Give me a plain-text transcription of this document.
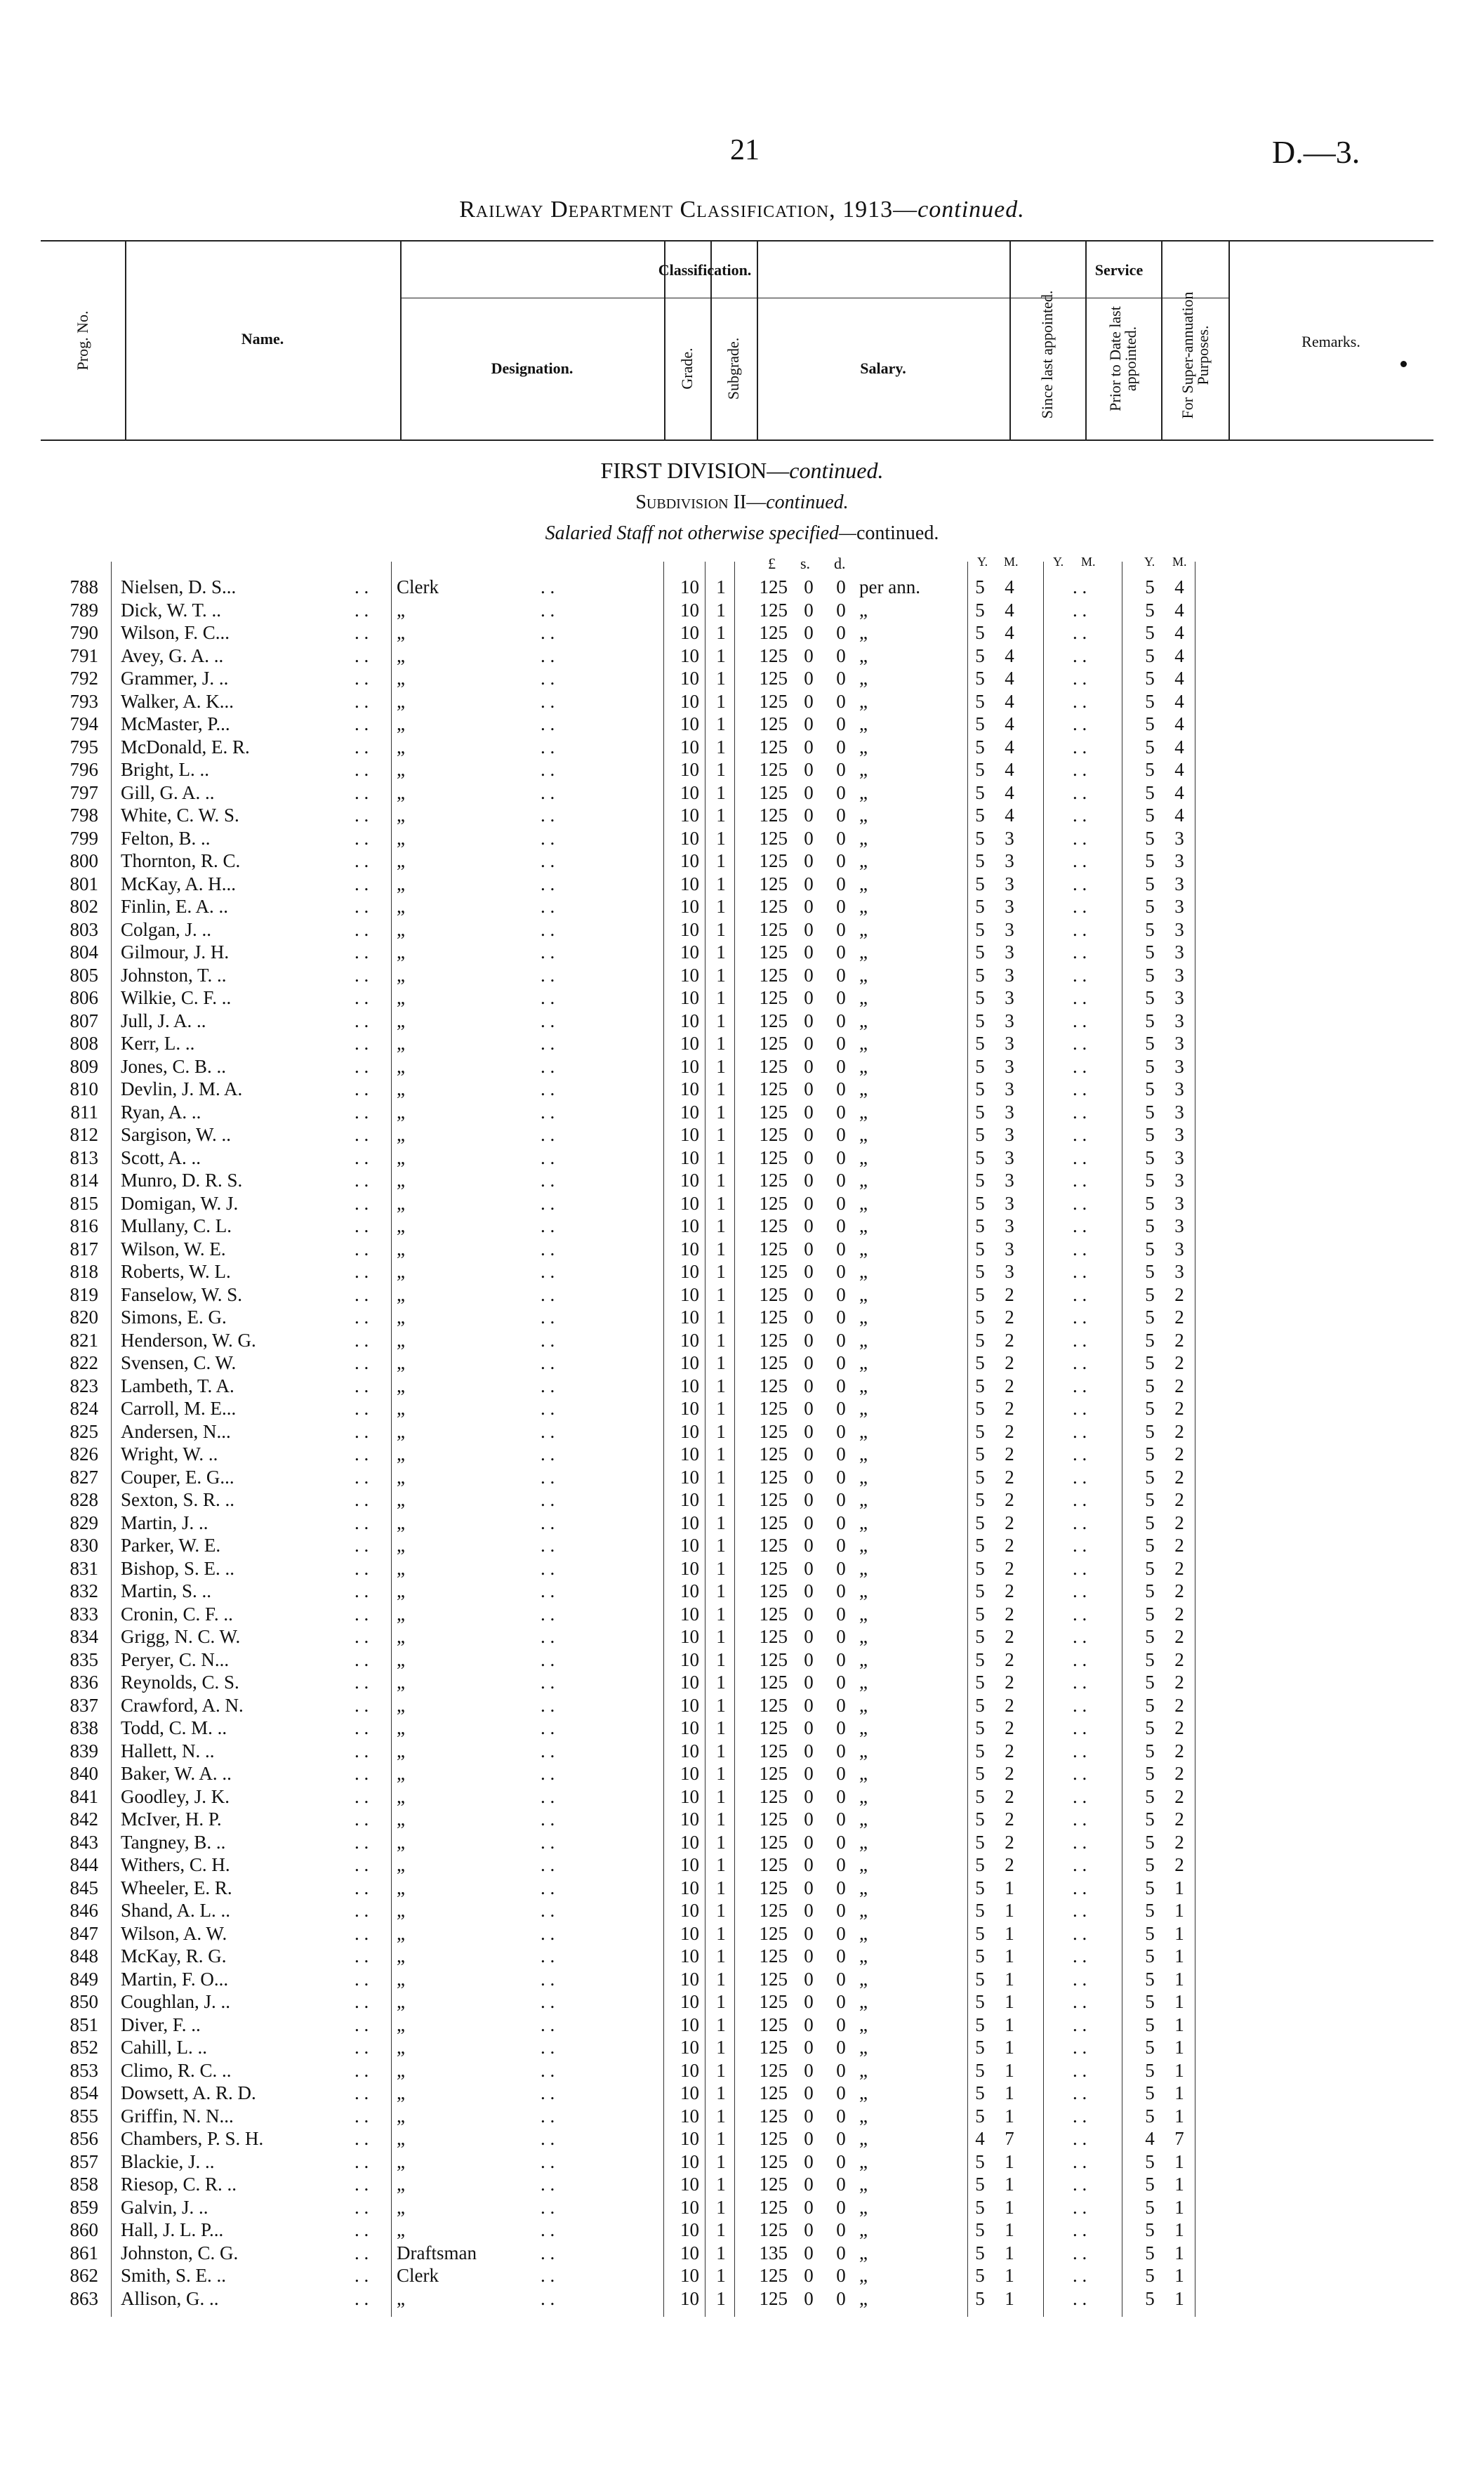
21	D.—3.
Railway Department Classification, 1913—continued.
Prog. No.	Name.
Classification.
Designation.	Grade. Subgrade.	Salary.
Service
Since last appointed.	Prior to Date last appointed.	For Super-annuation Purposes.	Remarks.
FIRST DIVISION—continued.
Subdivision II—continued.
Salaried Staff not otherwise specified—continued.
£ s. d.	Y. M.	Y. M.	Y. M.
788 Nielsen, D. S...	. . Clerk	. .	10 1	125 0 0 per ann.	5 4	. .	5 4
789 Dick, W. T. ..	. . „	. .	10 1	125 0 0 „	5 4	. .	5 4
790 Wilson, F. C...	. . „	. .	10 1	125 0 0 „	5 4	. .	5 4
791 Avey, G. A. ..	. . „	. .	10 1	125 0 0 „	5 4	. .	5 4
792 Grammer, J. ..	. . „	. .	10 1	125 0 0 „	5 4	. .	5 4
793 Walker, A. K...	. . „	. .	10 1	125 0 0 „	5 4	. .	5 4
794 McMaster, P...	. . „	. .	10 1	125 0 0 „	5 4	. .	5 4
795 McDonald, E. R.	. . „	. .	10 1	125 0 0 „	5 4	. .	5 4
796 Bright, L. ..	. . „	. .	10 1	125 0 0 „	5 4	. .	5 4
797 Gill, G. A. ..	. . „	. .	10 1	125 0 0 „	5 4	. .	5 4
798 White, C. W. S.	. . „	. .	10 1	125 0 0 „	5 4	. .	5 4
799 Felton, B. ..	. . „	. .	10 1	125 0 0 „	5 3	. .	5 3
800 Thornton, R. C.	. . „	. .	10 1	125 0 0 „	5 3	. .	5 3
801 McKay, A. H...	. . „	. .	10 1	125 0 0 „	5 3	. .	5 3
802 Finlin, E. A. ..	. . „	. .	10 1	125 0 0 „	5 3	. .	5 3
803 Colgan, J. ..	. . „	. .	10 1	125 0 0 „	5 3	. .	5 3
804 Gilmour, J. H.	. . „	. .	10 1	125 0 0 „	5 3	. .	5 3
805 Johnston, T. ..	. . „	. .	10 1	125 0 0 „	5 3	. .	5 3
806 Wilkie, C. F. ..	. . „	. .	10 1	125 0 0 „	5 3	. .	5 3
807 Jull, J. A. ..	. . „	. .	10 1	125 0 0 „	5 3	. .	5 3
808 Kerr, L. ..	. . „	. .	10 1	125 0 0 „	5 3	. .	5 3
809 Jones, C. B. ..	. . „	. .	10 1	125 0 0 „	5 3	. .	5 3
810 Devlin, J. M. A.	. . „	. .	10 1	125 0 0 „	5 3	. .	5 3
811 Ryan, A. ..	. . „	. .	10 1	125 0 0 „	5 3	. .	5 3
812 Sargison, W. ..	. . „	. .	10 1	125 0 0 „	5 3	. .	5 3
813 Scott, A. ..	. . „	. .	10 1	125 0 0 „	5 3	. .	5 3
814 Munro, D. R. S.	. . „	. .	10 1	125 0 0 „	5 3	. .	5 3
815 Domigan, W. J.	. . „	. .	10 1	125 0 0 „	5 3	. .	5 3
816 Mullany, C. L.	. . „	. .	10 1	125 0 0 „	5 3	. .	5 3
817 Wilson, W. E.	. . „	. .	10 1	125 0 0 „	5 3	. .	5 3
818 Roberts, W. L.	. . „	. .	10 1	125 0 0 „	5 3	. .	5 3
819 Fanselow, W. S.	. . „	. .	10 1	125 0 0 „	5 2	. .	5 2
820 Simons, E. G.	. . „	. .	10 1	125 0 0 „	5 2	. .	5 2
821 Henderson, W. G.	. . „	. .	10 1	125 0 0 „	5 2	. .	5 2
822 Svensen, C. W.	. . „	. .	10 1	125 0 0 „	5 2	. .	5 2
823 Lambeth, T. A.	. . „	. .	10 1	125 0 0 „	5 2	. .	5 2
824 Carroll, M. E...	. . „	. .	10 1	125 0 0 „	5 2	. .	5 2
825 Andersen, N...	. . „	. .	10 1	125 0 0 „	5 2	. .	5 2
826 Wright, W. ..	. . „	. .	10 1	125 0 0 „	5 2	. .	5 2
827 Couper, E. G...	. . „	. .	10 1	125 0 0 „	5 2	. .	5 2
828 Sexton, S. R. ..	. . „	. .	10 1	125 0 0 „	5 2	. .	5 2
829 Martin, J. ..	. . „	. .	10 1	125 0 0 „	5 2	. .	5 2
830 Parker, W. E.	. . „	. .	10 1	125 0 0 „	5 2	. .	5 2
831 Bishop, S. E. ..	. . „	. .	10 1	125 0 0 „	5 2	. .	5 2
832 Martin, S. ..	. . „	. .	10 1	125 0 0 „	5 2	. .	5 2
833 Cronin, C. F. ..	. . „	. .	10 1	125 0 0 „	5 2	. .	5 2
834 Grigg, N. C. W.	. . „	. .	10 1	125 0 0 „	5 2	. .	5 2
835 Peryer, C. N...	. . „	. .	10 1	125 0 0 „	5 2	. .	5 2
836 Reynolds, C. S.	. . „	. .	10 1	125 0 0 „	5 2	. .	5 2
837 Crawford, A. N.	. . „	. .	10 1	125 0 0 „	5 2	. .	5 2
838 Todd, C. M. ..	. . „	. .	10 1	125 0 0 „	5 2	. .	5 2
839 Hallett, N. ..	. . „	. .	10 1	125 0 0 „	5 2	. .	5 2
840 Baker, W. A. ..	. . „	. .	10 1	125 0 0 „	5 2	. .	5 2
841 Goodley, J. K.	. . „	. .	10 1	125 0 0 „	5 2	. .	5 2
842 McIver, H. P.	. . „	. .	10 1	125 0 0 „	5 2	. .	5 2
843 Tangney, B. ..	. . „	. .	10 1	125 0 0 „	5 2	. .	5 2
844 Withers, C. H.	. . „	. .	10 1	125 0 0 „	5 2	. .	5 2
845 Wheeler, E. R.	. . „	. .	10 1	125 0 0 „	5 1	. .	5 1
846 Shand, A. L. ..	. . „	. .	10 1	125 0 0 „	5 1	. .	5 1
847 Wilson, A. W.	. . „	. .	10 1	125 0 0 „	5 1	. .	5 1
848 McKay, R. G.	. . „	. .	10 1	125 0 0 „	5 1	. .	5 1
849 Martin, F. O...	. . „	. .	10 1	125 0 0 „	5 1	. .	5 1
850 Coughlan, J. ..	. . „	. .	10 1	125 0 0 „	5 1	. .	5 1
851 Diver, F. ..	. . „	. .	10 1	125 0 0 „	5 1	. .	5 1
852 Cahill, L. ..	. . „	. .	10 1	125 0 0 „	5 1	. .	5 1
853 Climo, R. C. ..	. . „	. .	10 1	125 0 0 „	5 1	. .	5 1
854 Dowsett, A. R. D.	. . „	. .	10 1	125 0 0 „	5 1	. .	5 1
855 Griffin, N. N...	. . „	. .	10 1	125 0 0 „	5 1	. .	5 1
856 Chambers, P. S. H.	. . „	. .	10 1	125 0 0 „	4 7	. .	4 7
857 Blackie, J. ..	. . „	. .	10 1	125 0 0 „	5 1	. .	5 1
858 Riesop, C. R. ..	. . „	. .	10 1	125 0 0 „	5 1	. .	5 1
859 Galvin, J. ..	. . „	. .	10 1	125 0 0 „	5 1	. .	5 1
860 Hall, J. L. P...	. . „	. .	10 1	125 0 0 „	5 1	. .	5 1
861 Johnston, C. G.	. . Draftsman	. .	10 1	135 0 0 „	5 1	. .	5 1
862 Smith, S. E. ..	. . Clerk	. .	10 1	125 0 0 „	5 1	. .	5 1
863 Allison, G. ..	. . „	. .	10 1	125 0 0 „	5 1	. .	5 1
